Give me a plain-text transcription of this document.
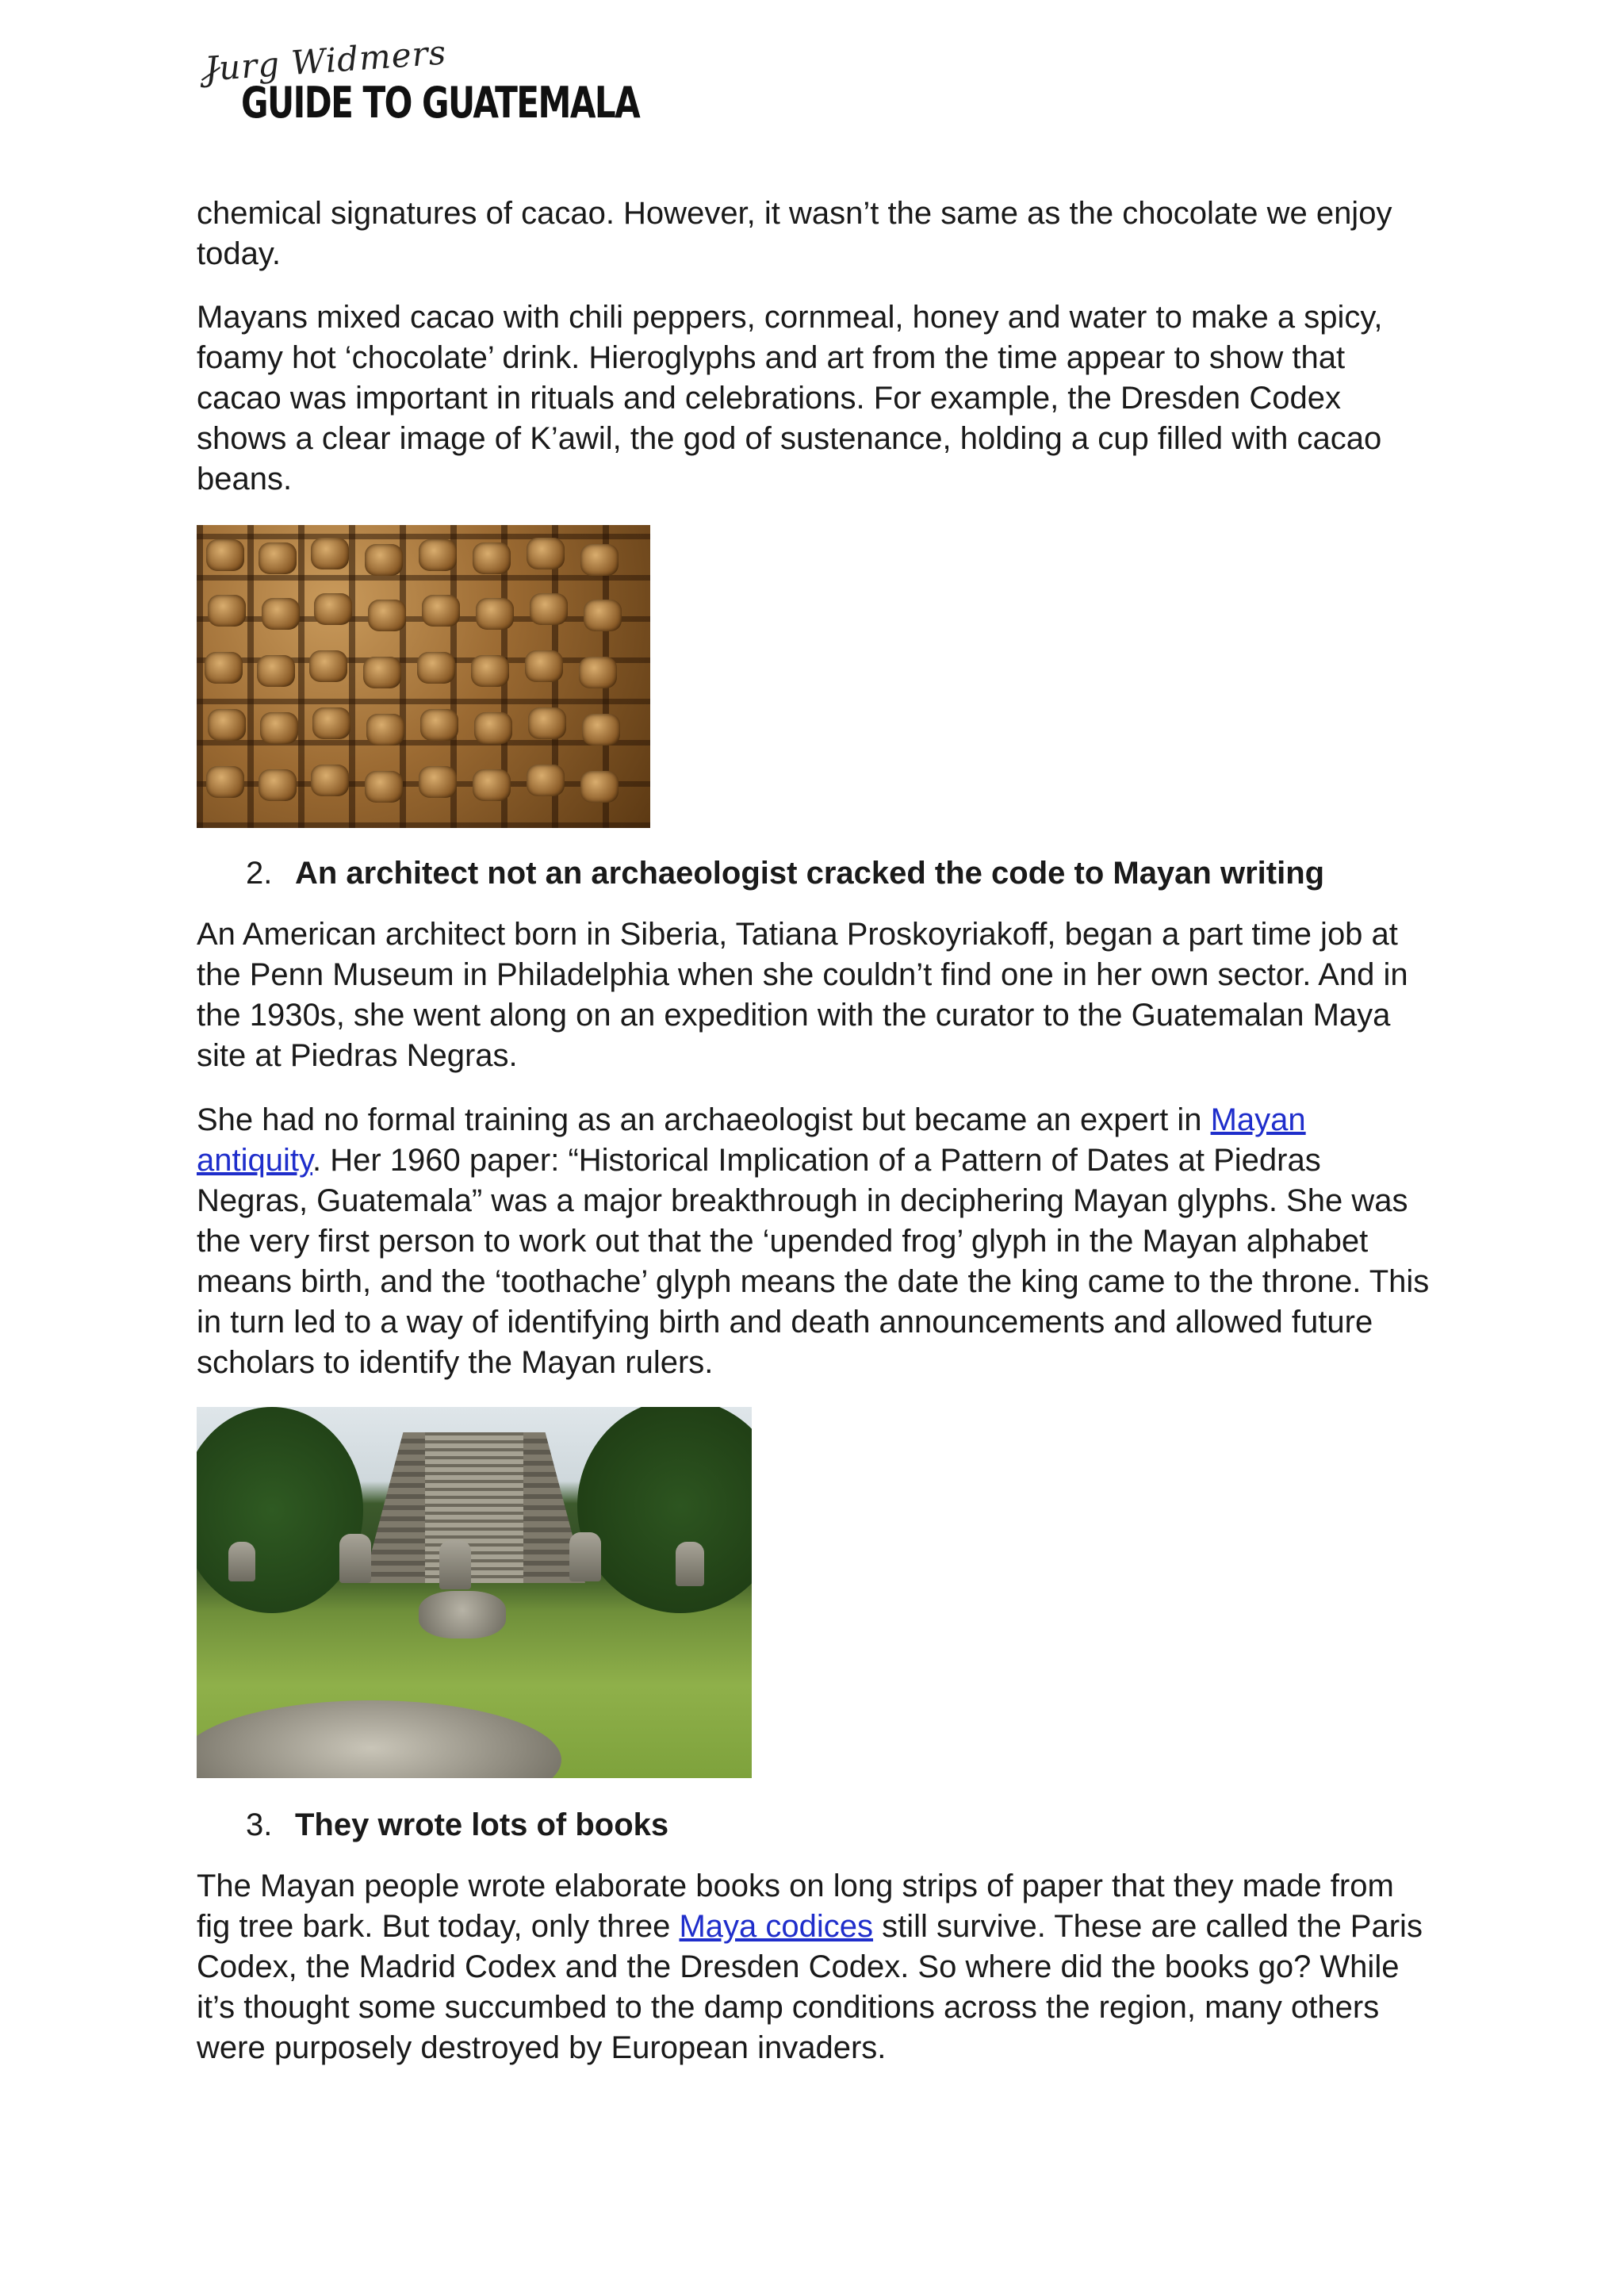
Jurg Widmers
GUIDE TO GUATEMALA

chemical signatures of cacao. However, it wasn’t the same as the chocolate we enjoy today.

Mayans mixed cacao with chili peppers, cornmeal, honey and water to make a spicy, foamy hot ‘chocolate’ drink. Hieroglyphs and art from the time appear to show that cacao was important in rituals and celebrations. For example, the Dresden Codex shows a clear image of K’awil, the god of sustenance, holding a cup filled with cacao beans.

2. An architect not an archaeologist cracked the code to Mayan writing

An American architect born in Siberia, Tatiana Proskoyriakoff, began a part time job at the Penn Museum in Philadelphia when she couldn’t find one in her own sector. And in the 1930s, she went along on an expedition with the curator to the Guatemalan Maya site at Piedras Negras.

She had no formal training as an archaeologist but became an expert in Mayan antiquity. Her 1960 paper: “Historical Implication of a Pattern of Dates at Piedras Negras, Guatemala” was a major breakthrough in deciphering Mayan glyphs. She was the very first person to work out that the ‘upended frog’ glyph in the Mayan alphabet means birth, and the ‘toothache’ glyph means the date the king came to the throne. This in turn led to a way of identifying birth and death announcements and allowed future scholars to identify the Mayan rulers.

3. They wrote lots of books

The Mayan people wrote elaborate books on long strips of paper that they made from fig tree bark. But today, only three Maya codices still survive. These are called the Paris Codex, the Madrid Codex and the Dresden Codex. So where did the books go? While it’s thought some succumbed to the damp conditions across the region, many others were purposely destroyed by European invaders.
